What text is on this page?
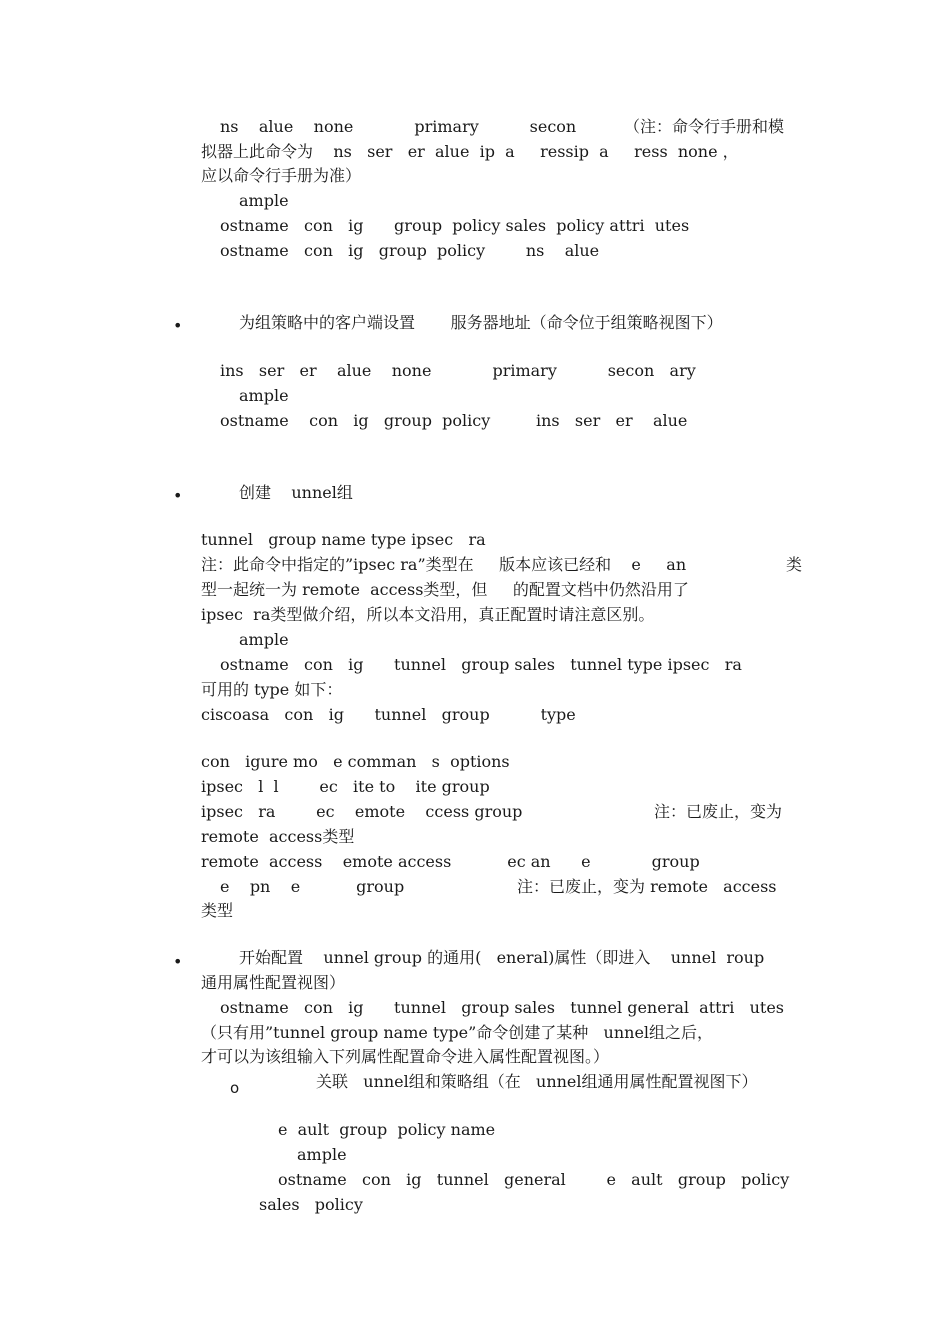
ns    alue    none            primary          secon	（注：命令行手册和模
拟器上此命令为    ns   ser   er  alue  ip  a     ressip  a     ress  none ，
应以命令行手册为准）
ample
ostname   con   ig      group  policy sales  policy attri  utes
ostname   con   ig   group  policy        ns    alue
•	为组策略中的客户端设置       服务器地址（命令位于组策略视图下）
ins   ser   er    alue    none            primary          secon   ary
ample
ostname    con   ig   group  policy         ins   ser   er    alue
•	创建    unnel组
tunnel   group name type ipsec   ra
注：此命令中指定的”ipsec ra”类型在     版本应该已经和    e     an	类
型一起统一为 remote  access类型，但     的配置文档中仍然沿用了
ipsec  ra类型做介绍，所以本文沿用，真正配置时请注意区别。
ample
ostname   con   ig      tunnel   group sales   tunnel type ipsec   ra
可用的 type 如下：
ciscoasa   con   ig      tunnel   group          type
con   igure mo   e comman   s  options
ipsec   l  l        ec   ite to    ite group
ipsec   ra        ec    emote    ccess group	注：已废止，变为
remote  access类型
remote  access    emote access           ec an      e            group
e    pn    e           group	注：已废止，变为 remote   access
类型
•	开始配置    unnel group 的通用(   eneral)属性（即进入    unnel  roup
通用属性配置视图）
ostname   con   ig      tunnel   group sales   tunnel general  attri   utes
（只有用”tunnel group name type”命令创建了某种   unnel组之后，
才可以为该组输入下列属性配置命令进入属性配置视图。）
o	关联   unnel组和策略组（在   unnel组通用属性配置视图下）
e  ault  group  policy name
ample
ostname   con   ig   tunnel   general        e   ault   group   policy
sales   policy
